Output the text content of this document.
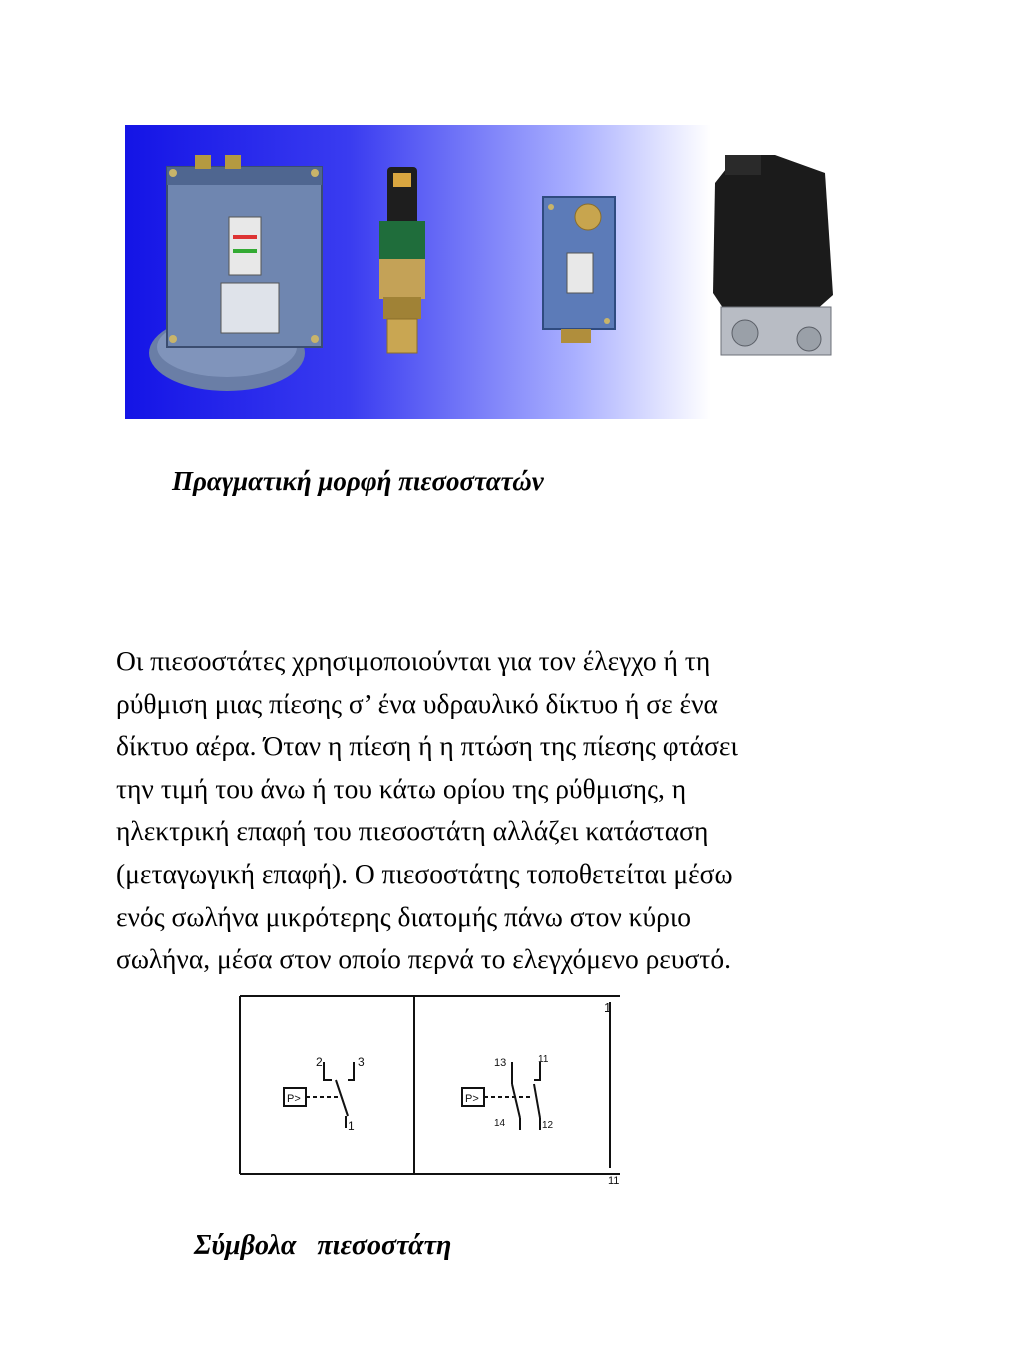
Πραγματική μορφή πιεσοστατών
Οι πιεσοστάτες χρησιμοποιούνται για τον έλεγχο ή τη
ρύθμιση μιας πίεσης σ’ ένα υδραυλικό δίκτυο ή σε ένα
δίκτυο αέρα. Όταν η πίεση ή η πτώση της πίεσης φτάσει
την τιμή του άνω ή του κάτω ορίου της ρύθμισης, η
ηλεκτρική επαφή του πιεσοστάτη αλλάζει κατάσταση
(μεταγωγική επαφή). Ο πιεσοστάτης τοποθετείται μέσω
ενός σωλήνα μικρότερης διατομής πάνω στον κύριο
σωλήνα, μέσα στον οποίο περνά το ελεγχόμενο ρευστό.
1
11
2	3
1
P>
13	11
14	12
P>
Σύμβολα   πιεσοστάτη
